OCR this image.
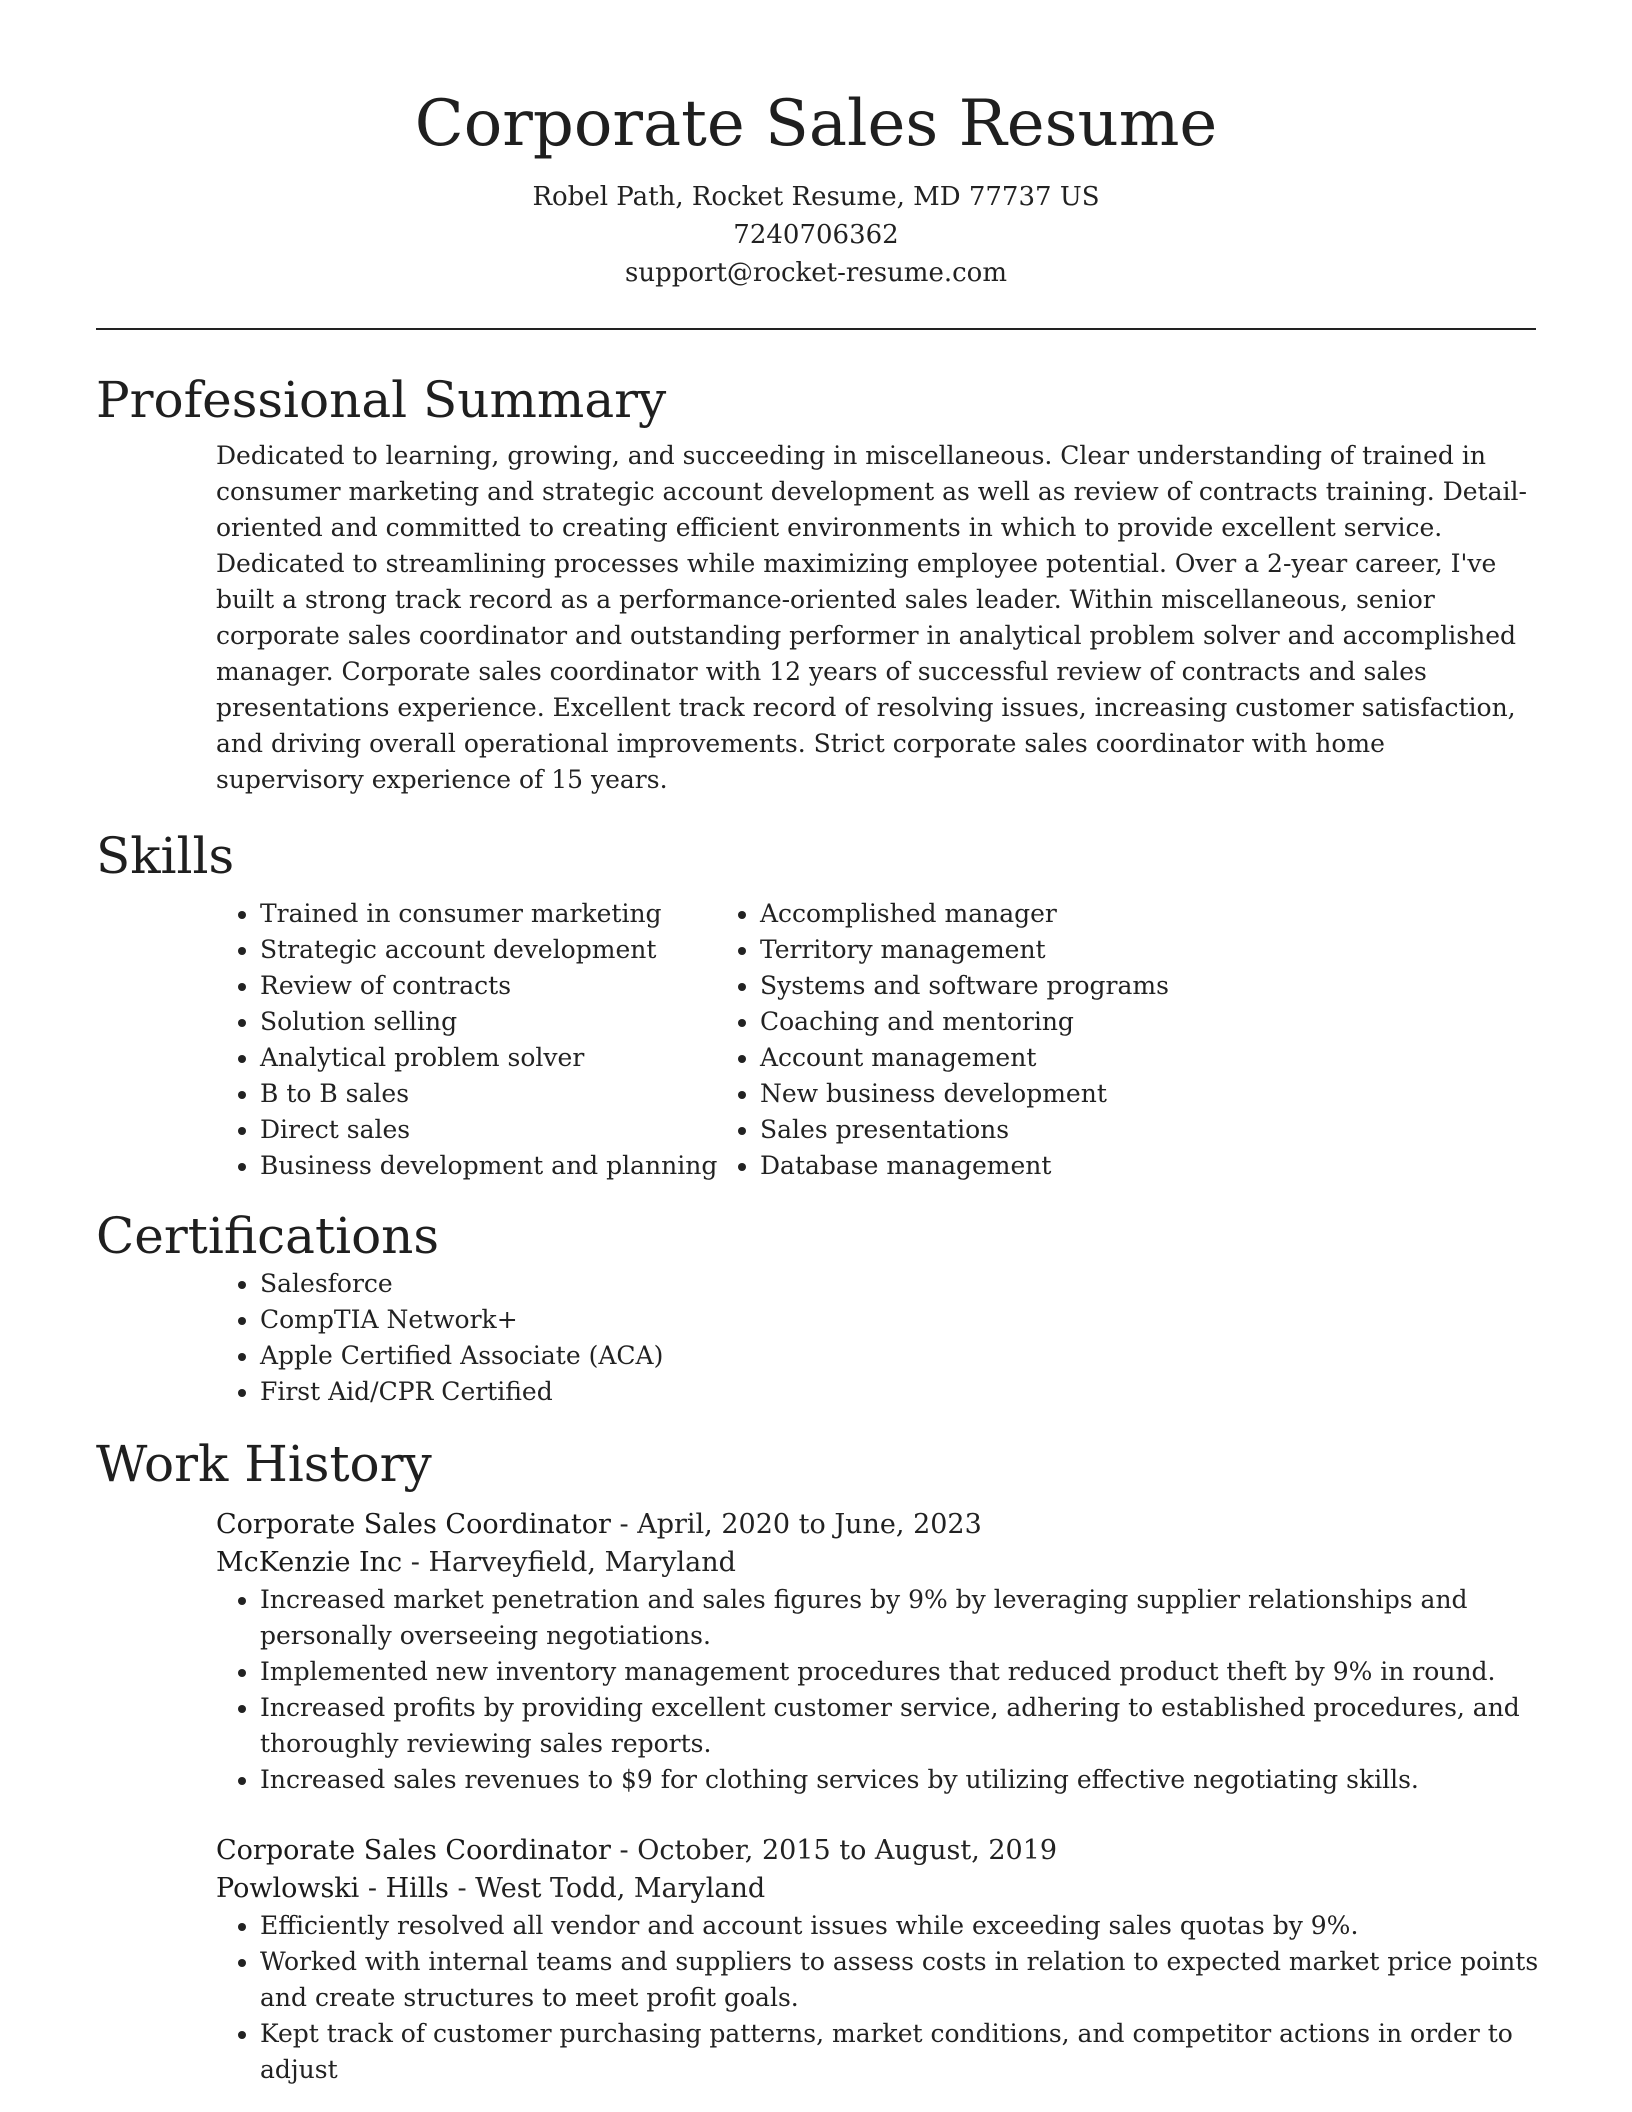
Corporate Sales Resume

Robel Path, Rocket Resume, MD 77737 US

7240706362

support@rocket-resume.com

Professional Summary

Dedicated to learning, growing, and succeeding in miscellaneous. Clear understanding of trained in consumer marketing and strategic account development as well as review of contracts training. Detail-oriented and committed to creating efficient environments in which to provide excellent service. Dedicated to streamlining processes while maximizing employee potential. Over a 2-year career, I've built a strong track record as a performance-oriented sales leader. Within miscellaneous, senior corporate sales coordinator and outstanding performer in analytical problem solver and accomplished manager. Corporate sales coordinator with 12 years of successful review of contracts and sales presentations experience. Excellent track record of resolving issues, increasing customer satisfaction, and driving overall operational improvements. Strict corporate sales coordinator with home supervisory experience of 15 years.

Skills
• Trained in consumer marketing
• Strategic account development
• Review of contracts
• Solution selling
• Analytical problem solver
• B to B sales
• Direct sales
• Business development and planning
• Accomplished manager
• Territory management
• Systems and software programs
• Coaching and mentoring
• Account management
• New business development
• Sales presentations
• Database management
Certifications
• Salesforce
• CompTIA Network+
• Apple Certified Associate (ACA)
• First Aid/CPR Certified
Work History

Corporate Sales Coordinator - April, 2020 to June, 2023

McKenzie Inc - Harveyfield, Maryland

• Increased market penetration and sales figures by 9% by leveraging supplier relationships and personally overseeing negotiations.
• Implemented new inventory management procedures that reduced product theft by 9% in round.
• Increased profits by providing excellent customer service, adhering to established procedures, and thoroughly reviewing sales reports.
• Increased sales revenues to $9 for clothing services by utilizing effective negotiating skills.

Corporate Sales Coordinator - October, 2015 to August, 2019

Powlowski - Hills - West Todd, Maryland

• Efficiently resolved all vendor and account issues while exceeding sales quotas by 9%.
• Worked with internal teams and suppliers to assess costs in relation to expected market price points and create structures to meet profit goals.
• Kept track of customer purchasing patterns, market conditions, and competitor actions in order to adjust
